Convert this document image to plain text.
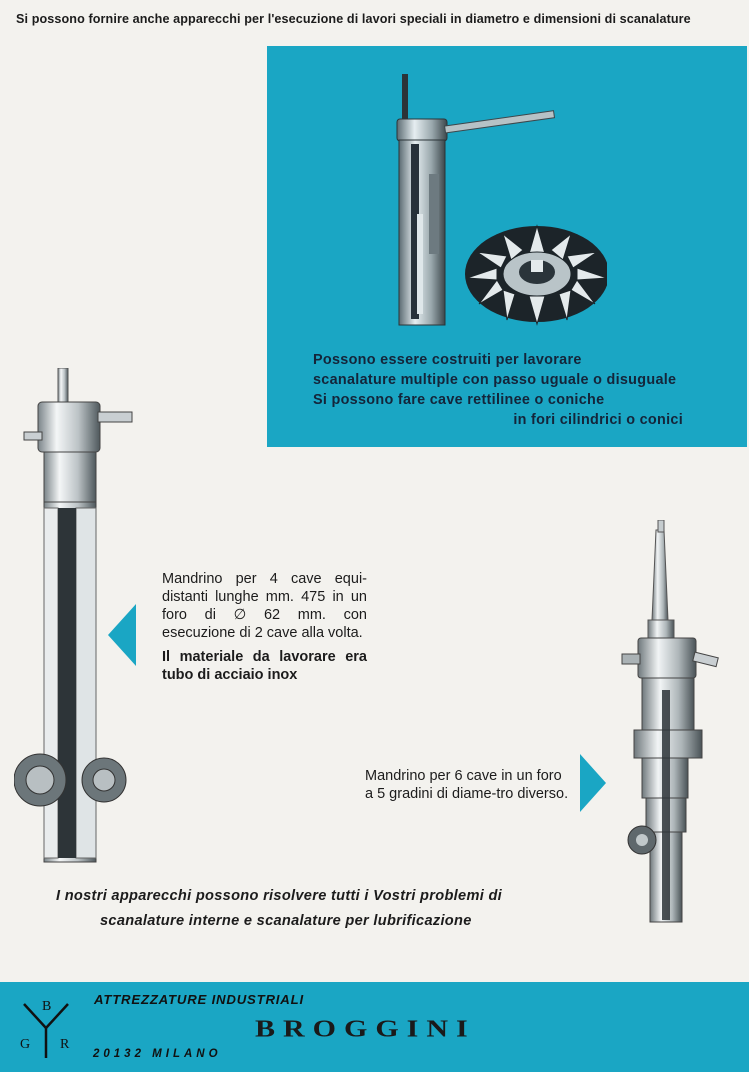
Si possono fornire anche apparecchi per l'esecuzione di lavori speciali in diametro e dimensioni di scanalature
Possono essere costruiti per lavorare
scanalature multiple con passo uguale o disuguale
Si possono fare cave rettilinee o coniche

in fori cilindrici o conici

Mandrino per 4 cave equi-distanti lunghe mm. 475 in un foro di ∅ 62 mm. con esecuzione di 2 cave alla volta.

Il materiale da lavorare era tubo di acciaio inox

Mandrino per 6 cave in un foro a 5 gradini di diame-tro diverso.
I nostri apparecchi possono risolvere tutti i Vostri problemi di
scanalature interne e scanalature per lubrificazione
B
G R
ATTREZZATURE INDUSTRIALI
BROGGINI
20132 MILANO
